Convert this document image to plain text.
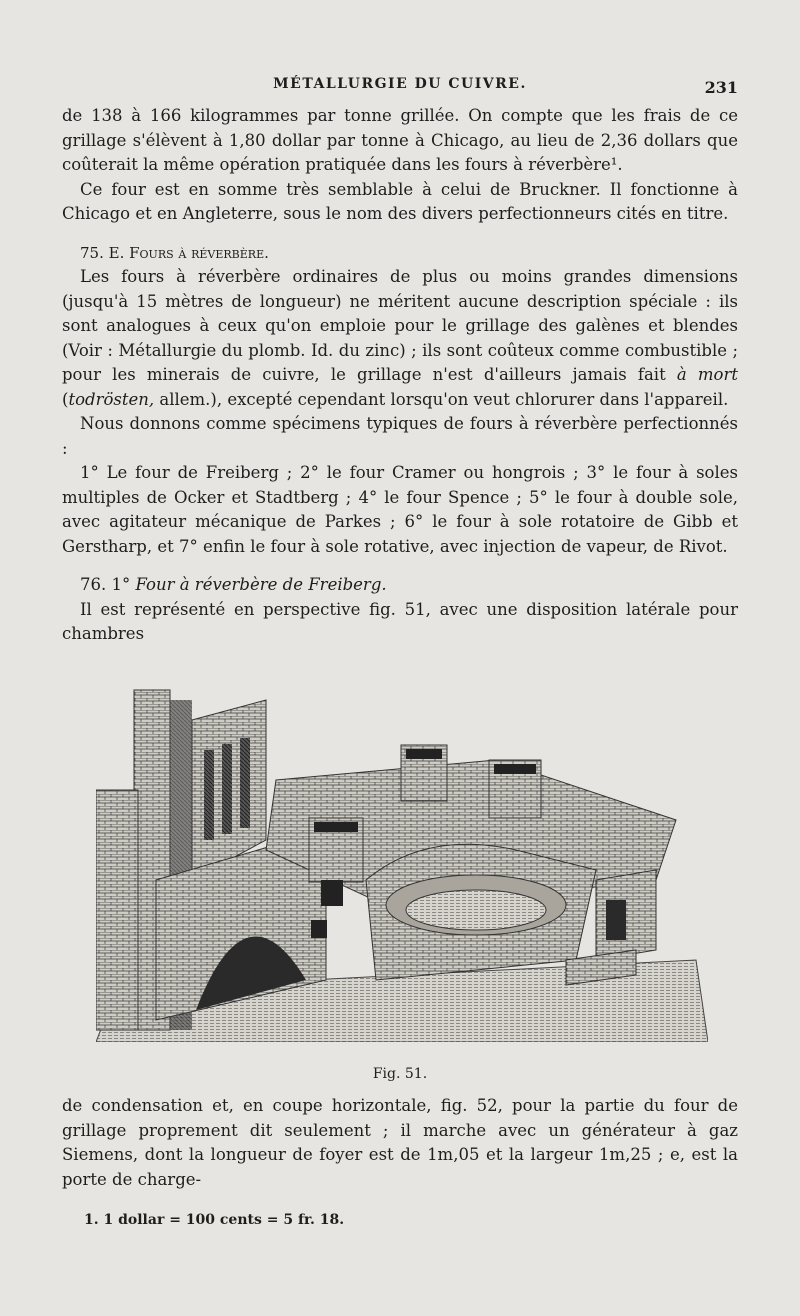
MÉTALLURGIE DU CUIVRE.	231

de 138 à 166 kilogrammes par tonne grillée. On compte que les frais de ce grillage s'élèvent à 1,80 dollar par tonne à Chicago, au lieu de 2,36 dollars que coûterait la même opération pratiquée dans les fours à réverbère¹.

Ce four est en somme très semblable à celui de Bruckner. Il fonctionne à Chicago et en Angleterre, sous le nom des divers perfectionneurs cités en titre.

75. E. Fours à réverbère.

Les fours à réverbère ordinaires de plus ou moins grandes dimensions (jusqu'à 15 mètres de longueur) ne méritent aucune description spéciale : ils sont analogues à ceux qu'on emploie pour le grillage des galènes et blendes (Voir : Métallurgie du plomb. Id. du zinc) ; ils sont coûteux comme combustible ; pour les minerais de cuivre, le grillage n'est d'ailleurs jamais fait à mort (todrösten, allem.), excepté cependant lorsqu'on veut chlorurer dans l'appareil.

Nous donnons comme spécimens typiques de fours à réverbère perfectionnés :

1° Le four de Freiberg ; 2° le four Cramer ou hongrois ; 3° le four à soles multiples de Ocker et Stadtberg ; 4° le four Spence ; 5° le four à double sole, avec agitateur mécanique de Parkes ; 6° le four à sole rotatoire de Gibb et Gerstharp, et 7° enfin le four à sole rotative, avec injection de vapeur, de Rivot.

76. 1° Four à réverbère de Freiberg.

Il est représenté en perspective fig. 51, avec une disposition latérale pour chambres

Fig. 51.

de condensation et, en coupe horizontale, fig. 52, pour la partie du four de grillage proprement dit seulement ; il marche avec un générateur à gaz Siemens, dont la longueur de foyer est de 1m,05 et la largeur 1m,25 ; e, est la porte de charge-

1. 1 dollar = 100 cents = 5 fr. 18.
